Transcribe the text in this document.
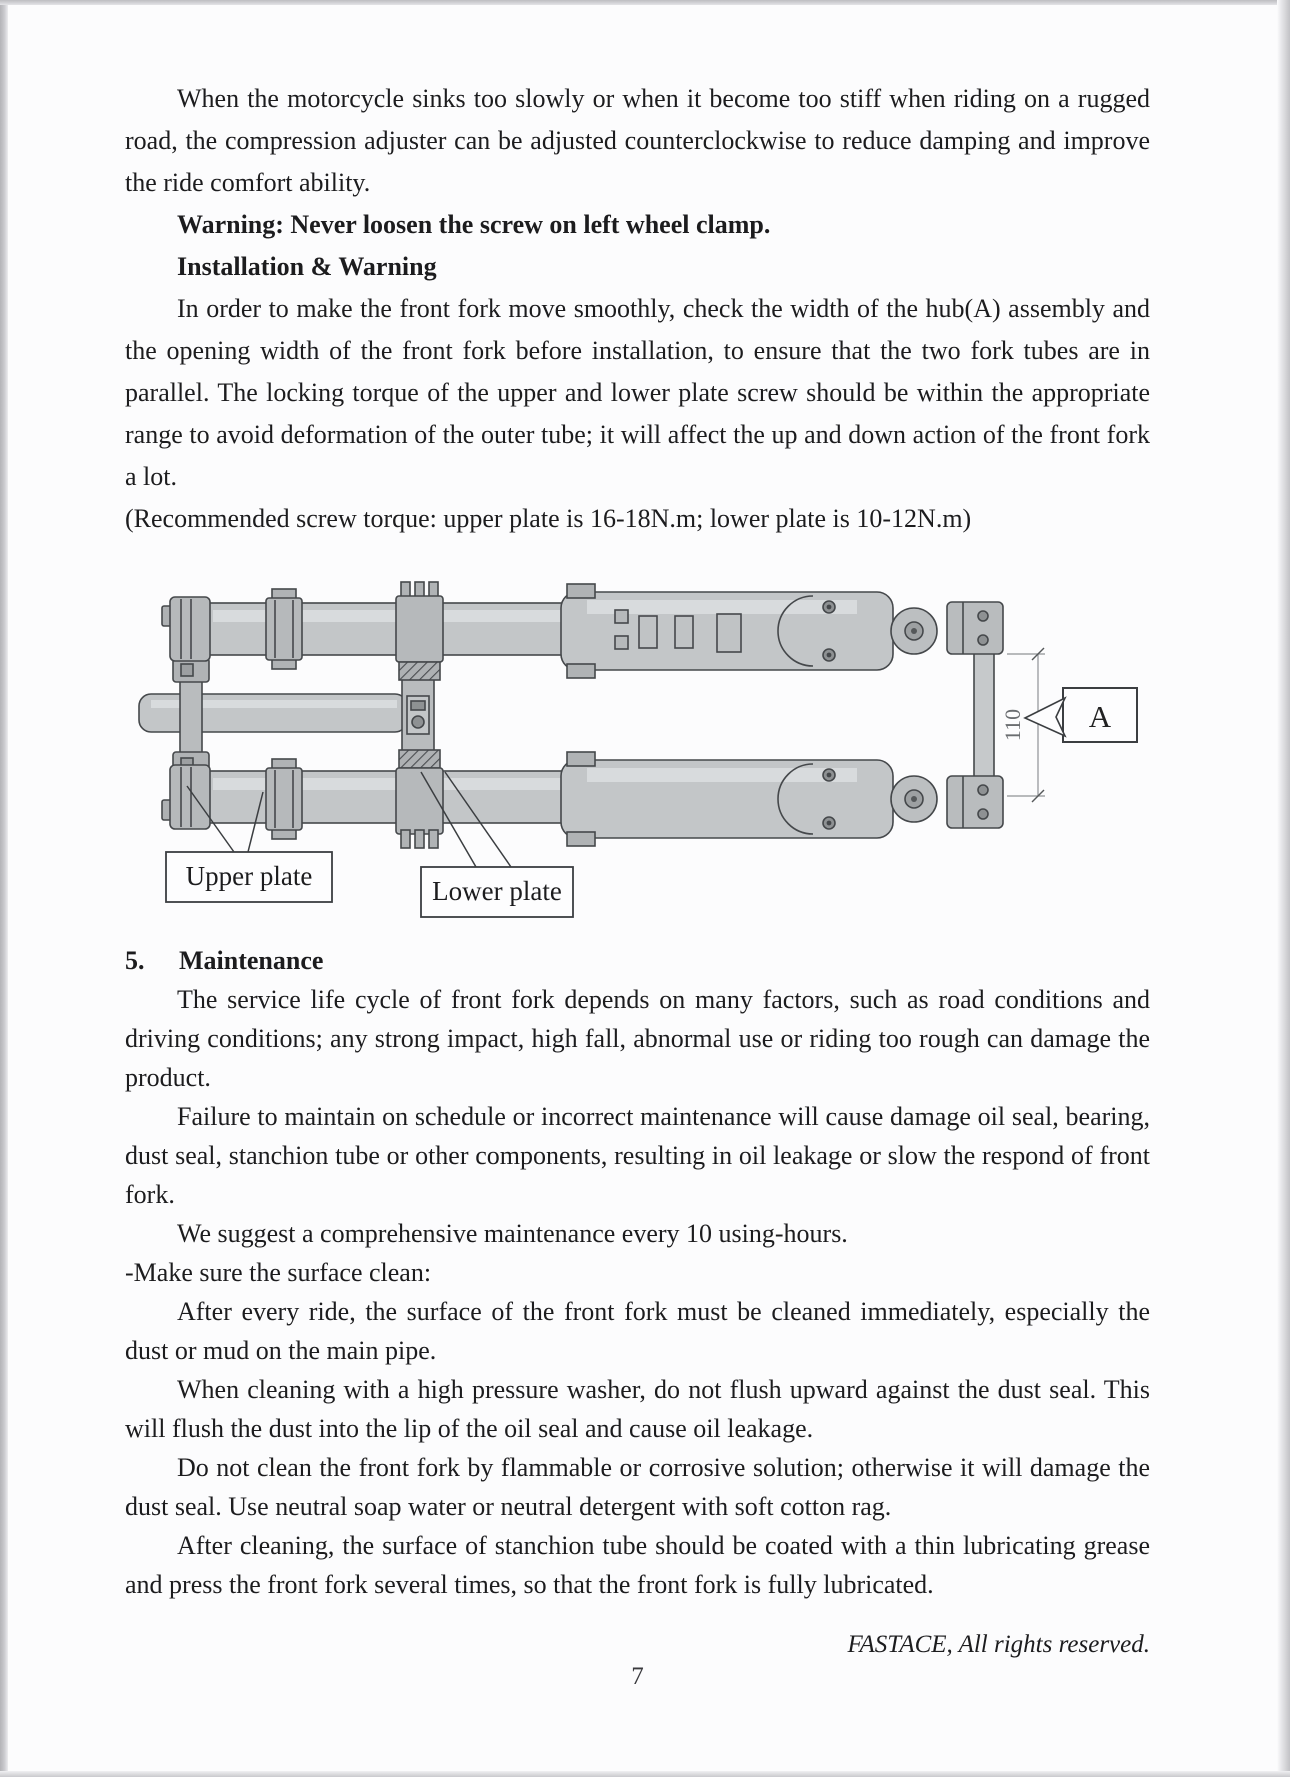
When the motorcycle sinks too slowly or when it become too stiff when riding on a rugged road, the compression adjuster can be adjusted counterclockwise to reduce damping and improve the ride comfort ability.

Warning: Never loosen the screw on left wheel clamp.

Installation & Warning

In order to make the front fork move smoothly, check the width of the hub(A) assembly and the opening width of the front fork before installation, to ensure that the two fork tubes are in parallel. The locking torque of the upper and lower plate screw should be within the appropriate range to avoid deformation of the outer tube; it will affect the up and down action of the front fork a lot.

(Recommended screw torque: upper plate is 16-18N.m; lower plate is 10-12N.m)

110 A
Upper plate	Lower plate
5.	Maintenance

The service life cycle of front fork depends on many factors, such as road conditions and driving conditions; any strong impact, high fall, abnormal use or riding too rough can damage the product.

Failure to maintain on schedule or incorrect maintenance will cause damage oil seal, bearing, dust seal, stanchion tube or other components, resulting in oil leakage or slow the respond of front fork.

We suggest a comprehensive maintenance every 10 using-hours.

-Make sure the surface clean:

After every ride, the surface of the front fork must be cleaned immediately, especially the dust or mud on the main pipe.

When cleaning with a high pressure washer, do not flush upward against the dust seal. This will flush the dust into the lip of the oil seal and cause oil leakage.

Do not clean the front fork by flammable or corrosive solution; otherwise it will damage the dust seal. Use neutral soap water or neutral detergent with soft cotton rag.

After cleaning, the surface of stanchion tube should be coated with a thin lubricating grease and press the front fork several times, so that the front fork is fully lubricated.

FASTACE, All rights reserved.
7
